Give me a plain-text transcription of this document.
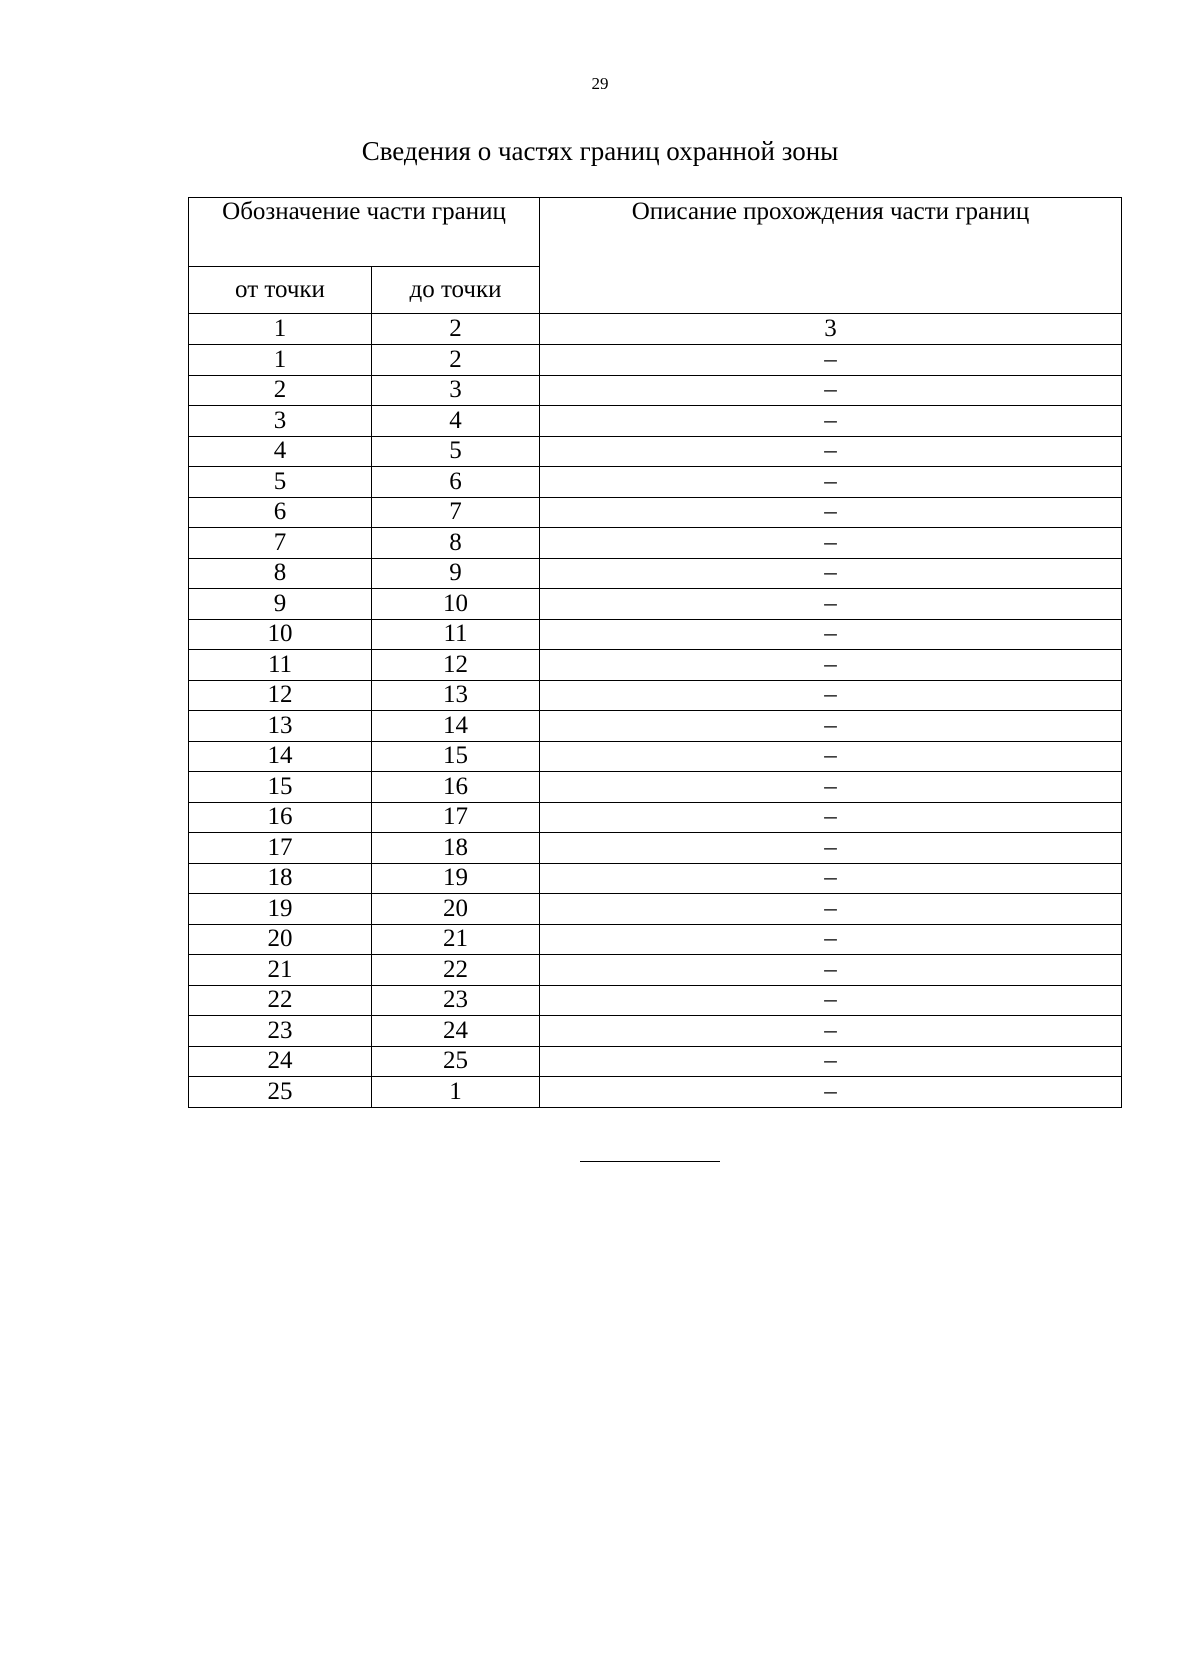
29
Сведения о частях границ охранной зоны
Обозначение части границ		Описание прохождения части границ
от точки	до точки	
1	2	3
1	2	–
2	3	–
3	4	–
4	5	–
5	6	–
6	7	–
7	8	–
8	9	–
9	10	–
10	11	–
11	12	–
12	13	–
13	14	–
14	15	–
15	16	–
16	17	–
17	18	–
18	19	–
19	20	–
20	21	–
21	22	–
22	23	–
23	24	–
24	25	–
25	1	–
